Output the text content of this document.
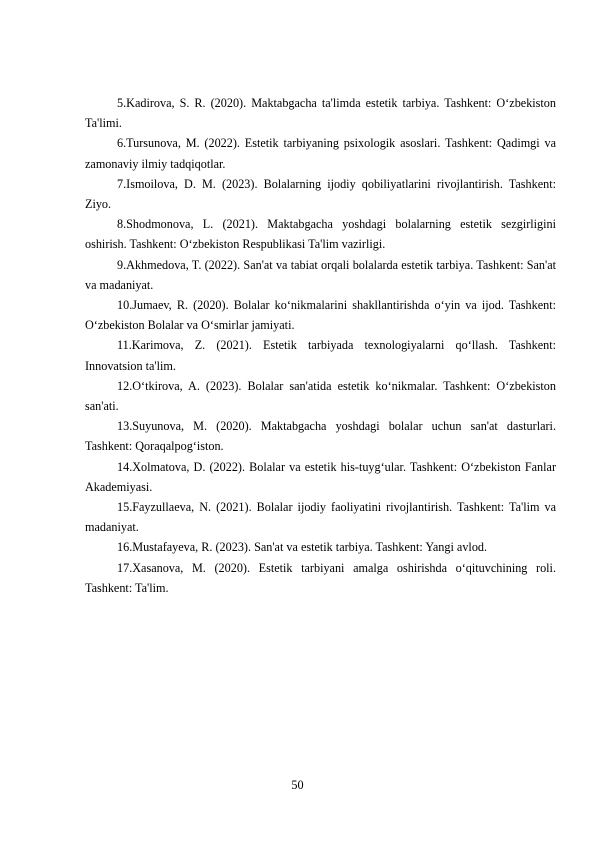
5.Kadirova, S. R. (2020). Maktabgacha ta'limda estetik tarbiya. Tashkent: O‘zbekiston Ta'limi.

6.Tursunova, M. (2022). Estetik tarbiyaning psixologik asoslari. Tashkent: Qadimgi va zamonaviy ilmiy tadqiqotlar.

7.Ismoilova, D. M. (2023). Bolalarning ijodiy qobiliyatlarini rivojlantirish. Tashkent: Ziyo.

8.Shodmonova, L. (2021). Maktabgacha yoshdagi bolalarning estetik sezgirligini oshirish. Tashkent: O‘zbekiston Respublikasi Ta'lim vazirligi.

9.Akhmedova, T. (2022). San'at va tabiat orqali bolalarda estetik tarbiya. Tashkent: San'at va madaniyat.

10.Jumaev, R. (2020). Bolalar ko‘nikmalarini shakllantirishda o‘yin va ijod. Tashkent: O‘zbekiston Bolalar va O‘smirlar jamiyati.

11.Karimova, Z. (2021). Estetik tarbiyada texnologiyalarni qo‘llash. Tashkent: Innovatsion ta'lim.

12.O‘tkirova, A. (2023). Bolalar san'atida estetik ko‘nikmalar. Tashkent: O‘zbekiston san'ati.

13.Suyunova, M. (2020). Maktabgacha yoshdagi bolalar uchun san'at dasturlari. Tashkent: Qoraqalpog‘iston.

14.Xolmatova, D. (2022). Bolalar va estetik his-tuyg‘ular. Tashkent: O‘zbekiston Fanlar Akademiyasi.

15.Fayzullaeva, N. (2021). Bolalar ijodiy faoliyatini rivojlantirish. Tashkent: Ta'lim va madaniyat.

16.Mustafayeva, R. (2023). San'at va estetik tarbiya. Tashkent: Yangi avlod.

17.Xasanova, M. (2020). Estetik tarbiyani amalga oshirishda o‘qituvchining roli. Tashkent: Ta'lim.

50
